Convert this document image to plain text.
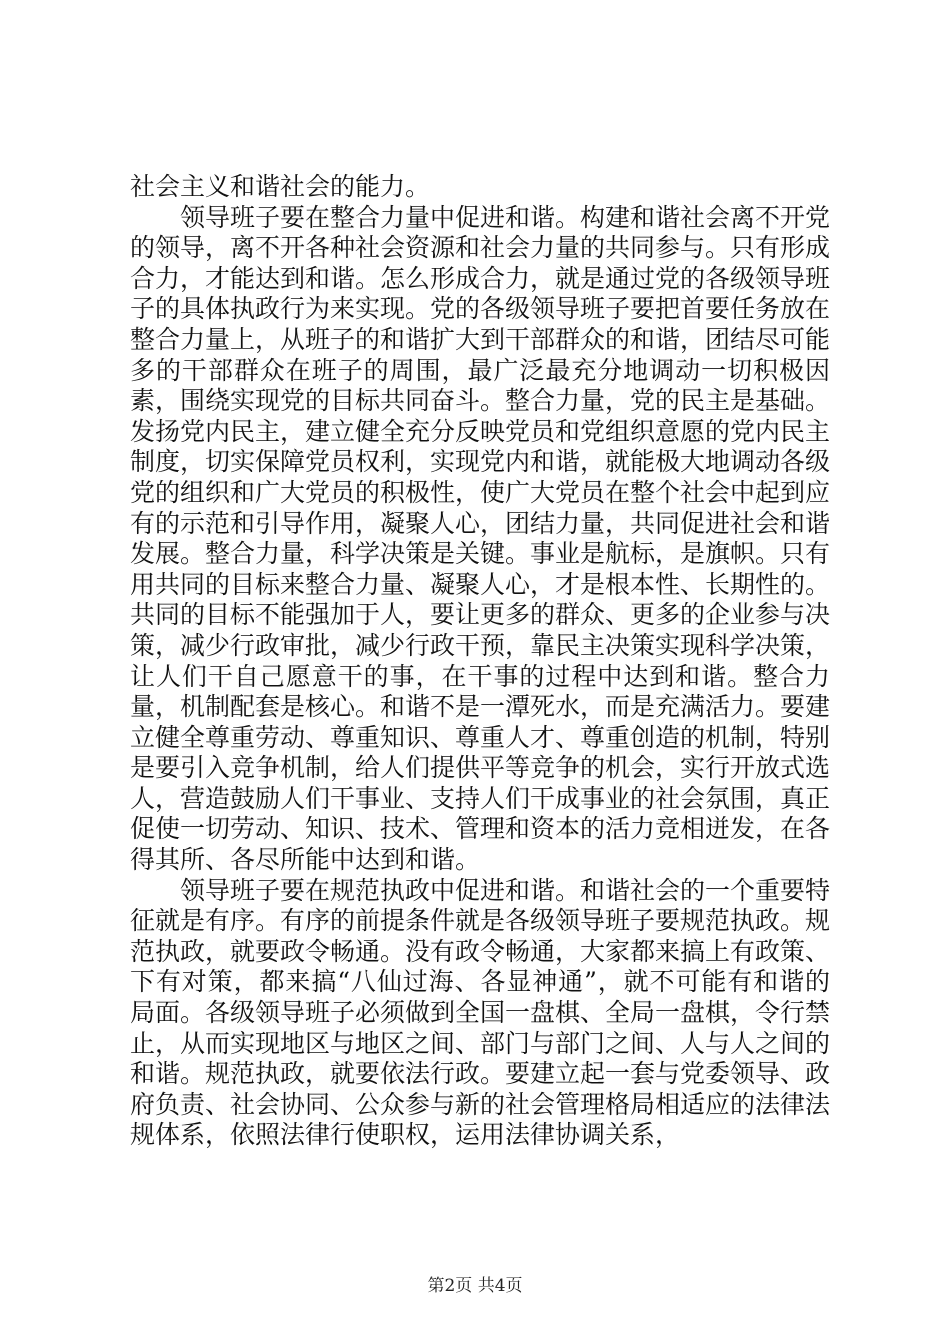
社会主义和谐社会的能力。

领导班子要在整合力量中促进和谐。构建和谐社会离不开党的领导，离不开各种社会资源和社会力量的共同参与。只有形成合力，才能达到和谐。怎么形成合力，就是通过党的各级领导班子的具体执政行为来实现。党的各级领导班子要把首要任务放在整合力量上，从班子的和谐扩大到干部群众的和谐，团结尽可能多的干部群众在班子的周围，最广泛最充分地调动一切积极因素，围绕实现党的目标共同奋斗。整合力量，党的民主是基础。发扬党内民主，建立健全充分反映党员和党组织意愿的党内民主制度，切实保障党员权利，实现党内和谐，就能极大地调动各级党的组织和广大党员的积极性，使广大党员在整个社会中起到应有的示范和引导作用，凝聚人心，团结力量，共同促进社会和谐发展。整合力量，科学决策是关键。事业是航标，是旗帜。只有用共同的目标来整合力量、凝聚人心，才是根本性、长期性的。共同的目标不能强加于人，要让更多的群众、更多的企业参与决策，减少行政审批，减少行政干预，靠民主决策实现科学决策，让人们干自己愿意干的事，在干事的过程中达到和谐。整合力量，机制配套是核心。和谐不是一潭死水，而是充满活力。要建立健全尊重劳动、尊重知识、尊重人才、尊重创造的机制，特别是要引入竞争机制，给人们提供平等竞争的机会，实行开放式选人，营造鼓励人们干事业、支持人们干成事业的社会氛围，真正促使一切劳动、知识、技术、管理和资本的活力竞相迸发，在各得其所、各尽所能中达到和谐。

领导班子要在规范执政中促进和谐。和谐社会的一个重要特征就是有序。有序的前提条件就是各级领导班子要规范执政。规范执政，就要政令畅通。没有政令畅通，大家都来搞上有政策、下有对策，都来搞“八仙过海、各显神通”，就不可能有和谐的局面。各级领导班子必须做到全国一盘棋、全局一盘棋，令行禁止，从而实现地区与地区之间、部门与部门之间、人与人之间的和谐。规范执政，就要依法行政。要建立起一套与党委领导、政府负责、社会协同、公众参与新的社会管理格局相适应的法律法规体系，依照法律行使职权，运用法律协调关系，

第2页 共4页
